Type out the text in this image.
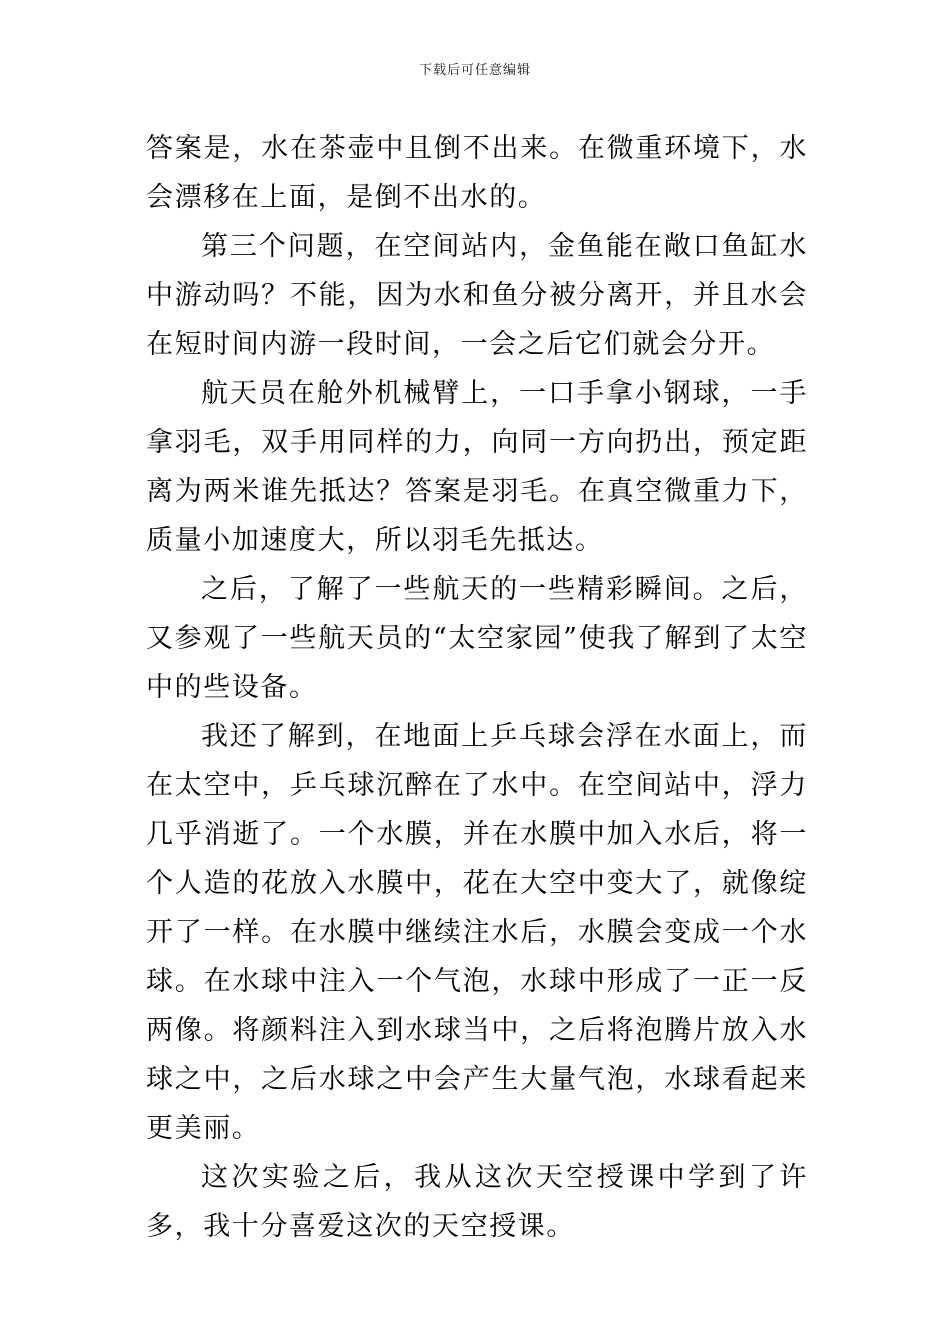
下载后可任意编辑

答案是，水在茶壶中且倒不出来。在微重环境下，水会漂移在上面，是倒不出水的。

第三个问题，在空间站内，金鱼能在敞口鱼缸水中游动吗？不能，因为水和鱼分被分离开，并且水会在短时间内游一段时间，一会之后它们就会分开。

航天员在舱外机械臂上，一口手拿小钢球，一手拿羽毛，双手用同样的力，向同一方向扔出，预定距离为两米谁先抵达？答案是羽毛。在真空微重力下，质量小加速度大，所以羽毛先抵达。

之后，了解了一些航天的一些精彩瞬间。之后，又参观了一些航天员的“太空家园”使我了解到了太空中的些设备。

我还了解到，在地面上乒乓球会浮在水面上，而在太空中，乒乓球沉醉在了水中。在空间站中，浮力几乎消逝了。一个水膜，并在水膜中加入水后，将一个人造的花放入水膜中，花在大空中变大了，就像绽开了一样。在水膜中继续注水后，水膜会变成一个水球。在水球中注入一个气泡，水球中形成了一正一反两像。将颜料注入到水球当中，之后将泡腾片放入水球之中，之后水球之中会产生大量气泡，水球看起来更美丽。

这次实验之后，我从这次天空授课中学到了许多，我十分喜爱这次的天空授课。
